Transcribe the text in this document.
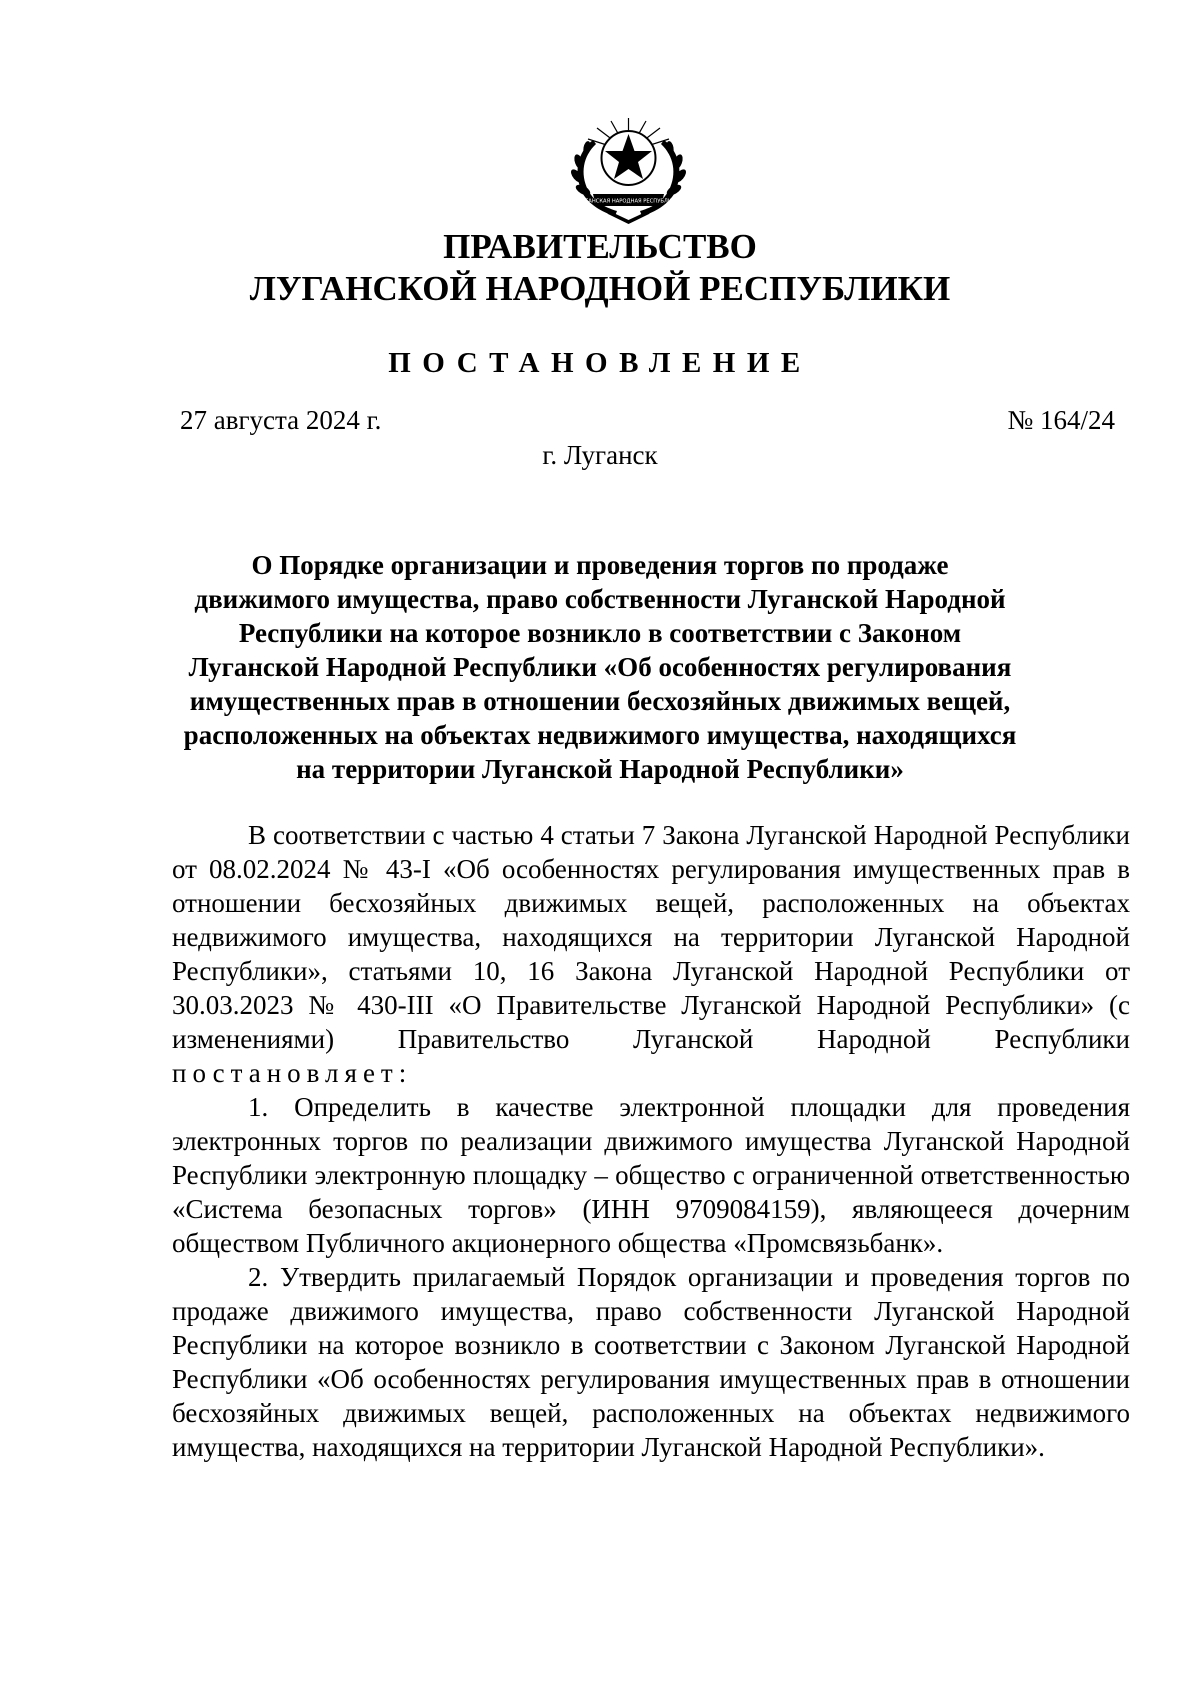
ЛУГАНСКАЯ НАРОДНАЯ РЕСПУБЛИКА
ПРАВИТЕЛЬСТВО
ЛУГАНСКОЙ НАРОДНОЙ РЕСПУБЛИКИ
ПОСТАНОВЛЕНИЕ
27 августа 2024 г.	№ 164/24
г. Луганск
О Порядке организации и проведения торгов по продаже
движимого имущества, право собственности Луганской Народной
Республики на которое возникло в соответствии с Законом
Луганской Народной Республики «Об особенностях регулирования
имущественных прав в отношении бесхозяйных движимых вещей,
расположенных на объектах недвижимого имущества, находящихся
на территории Луганской Народной Республики»

В соответствии с частью 4 статьи 7 Закона Луганской Народной Республики от 08.02.2024 № 43-I «Об особенностях регулирования имущественных прав в отношении бесхозяйных движимых вещей, расположенных на объектах недвижимого имущества, находящихся на территории Луганской Народной Республики», статьями 10, 16 Закона Луганской Народной Республики от 30.03.2023 № 430-III «О Правительстве Луганской Народной Республики» (с изменениями) Правительство Луганской Народной Республики постановляет:

1. Определить в качестве электронной площадки для проведения электронных торгов по реализации движимого имущества Луганской Народной Республики электронную площадку – общество с ограниченной ответственностью «Система безопасных торгов» (ИНН 9709084159), являющееся дочерним обществом Публичного акционерного общества «Промсвязьбанк».

2. Утвердить прилагаемый Порядок организации и проведения торгов по продаже движимого имущества, право собственности Луганской Народной Республики на которое возникло в соответствии с Законом Луганской Народной Республики «Об особенностях регулирования имущественных прав в отношении бесхозяйных движимых вещей, расположенных на объектах недвижимого имущества, находящихся на территории Луганской Народной Республики».
